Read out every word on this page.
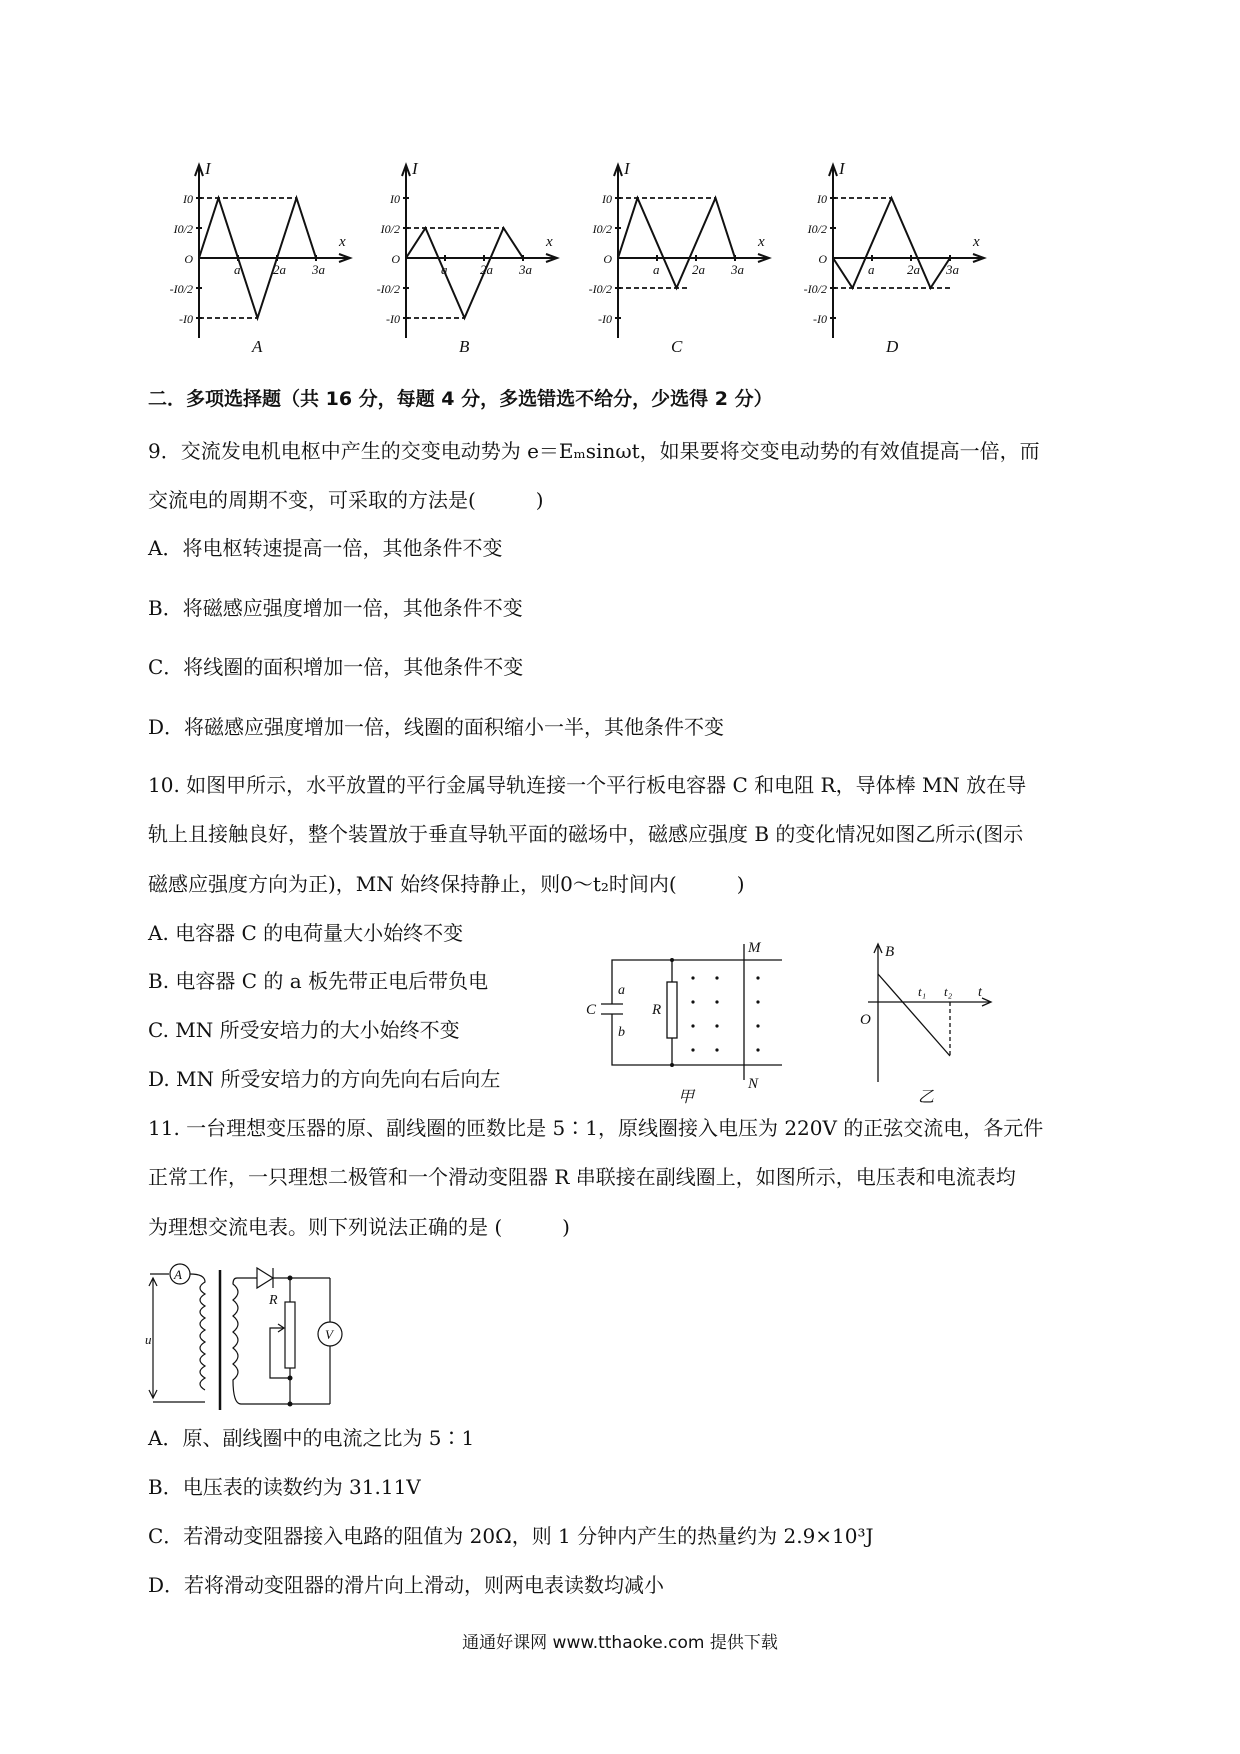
I
x
I0
I0/2
O
-I0/2
-I0
a	2a 3a
A
I
x
I0
I0/2
O
-I0/2
-I0
a	2a 3a
B
I
x
I0
I0/2
O
-I0/2
-I0
a	2a 3a
C
I
x
I0
I0/2
O
-I0/2
-I0
a	2a 3a
D
二．多项选择题（共 16 分，每题 4 分，多选错选不给分，少选得 2 分）
9．交流发电机电枢中产生的交变电动势为 e＝Eₘsinωt，如果要将交变电动势的有效值提高一倍，而
交流电的周期不变，可采取的方法是(　　　)
A．将电枢转速提高一倍，其他条件不变
B．将磁感应强度增加一倍，其他条件不变
C．将线圈的面积增加一倍，其他条件不变
D．将磁感应强度增加一倍，线圈的面积缩小一半，其他条件不变
10. 如图甲所示，水平放置的平行金属导轨连接一个平行板电容器 C 和电阻 R，导体棒 MN 放在导
轨上且接触良好，整个装置放于垂直导轨平面的磁场中，磁感应强度 B 的变化情况如图乙所示(图示
磁感应强度方向为正)，MN 始终保持静止，则0～t₂时间内(　　　)
A. 电容器 C 的电荷量大小始终不变
B. 电容器 C 的 a 板先带正电后带负电
C. MN 所受安培力的大小始终不变
D. MN 所受安培力的方向先向右后向左
M
N
a
b
C	R
甲
B
O
t₁ t₂ t
乙
11. 一台理想变压器的原、副线圈的匝数比是 5∶1，原线圈接入电压为 220V 的正弦交流电，各元件
正常工作，一只理想二极管和一个滑动变阻器 R 串联接在副线圈上，如图所示，电压表和电流表均
为理想交流电表。则下列说法正确的是 (　　　)
A
V
R
u
A．原、副线圈中的电流之比为 5∶1
B．电压表的读数约为 31.11V
C．若滑动变阻器接入电路的阻值为 20Ω，则 1 分钟内产生的热量约为 2.9×10³J
D．若将滑动变阻器的滑片向上滑动，则两电表读数均减小
通通好课网 www.tthaoke.com 提供下载
